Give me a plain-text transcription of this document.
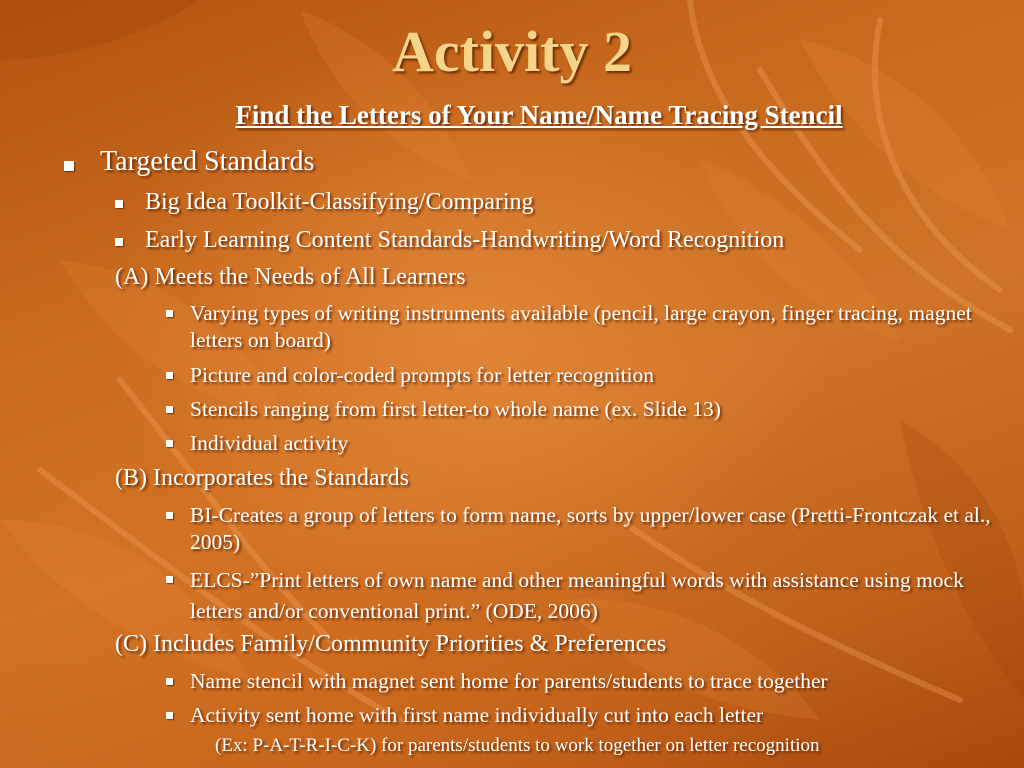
Activity 2
Find the Letters of Your Name/Name Tracing Stencil
Targeted Standards
Big Idea Toolkit-Classifying/Comparing
Early Learning Content Standards-Handwriting/Word Recognition
(A) Meets the Needs of All Learners
Varying types of writing instruments available (pencil, large crayon, finger tracing, magnet letters on board)
Picture and color-coded prompts for letter recognition
Stencils ranging from first letter-to whole name (ex. Slide 13)
Individual activity
(B) Incorporates the Standards
BI-Creates a group of letters to form name, sorts by upper/lower case (Pretti-Frontczak et al., 2005)
ELCS-”Print letters of own name and other meaningful words with assistance using mock letters and/or conventional print.” (ODE, 2006)
(C) Includes Family/Community Priorities & Preferences
Name stencil with magnet sent home for parents/students to trace together
Activity sent home with first name individually cut into each letter
(Ex: P-A-T-R-I-C-K) for parents/students to work together on letter recognition
